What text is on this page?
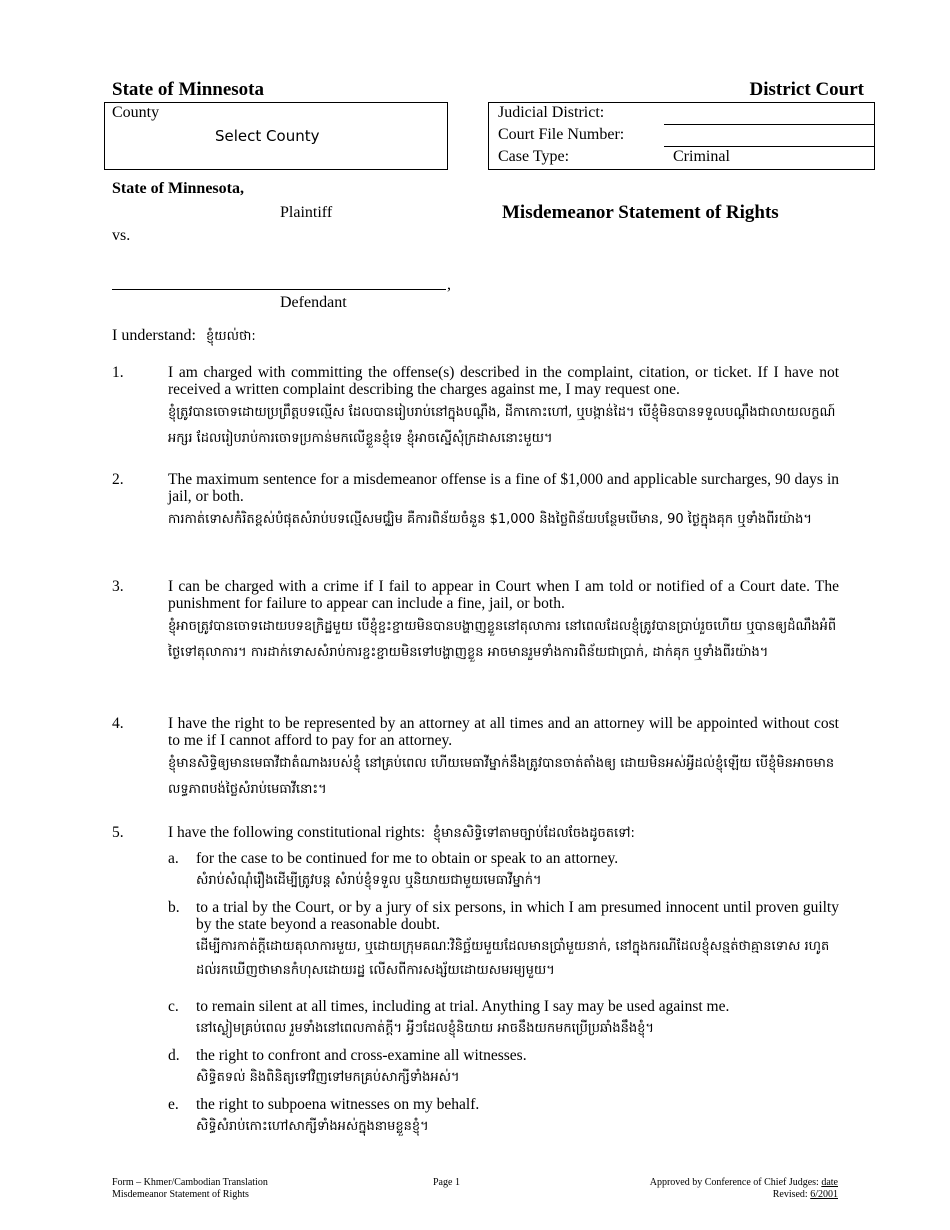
State of Minnesota	District Court
County
Select County
Judicial District:
Court File Number:
Case Type:	Criminal
State of Minnesota,
Plaintiff
vs.
,
Defendant
Misdemeanor Statement of Rights
I understand: ខ្ញុំយល់ថា:
1.	I am charged with committing the offense(s) described in the complaint, citation, or ticket. If I have not received a written complaint describing the charges against me, I may request one.
ខ្ញុំត្រូវបានចោទដោយប្រព្រឹត្តបទល្មើស ដែលបានរៀបរាប់នៅក្នុងបណ្តឹង, ដីកាកោះហៅ, ឬបង្កាន់ដៃ។ បើខ្ញុំមិនបានទទួលបណ្តឹងជាលាយលក្ខណ៍អក្សរ ដែលរៀបរាប់ការចោទប្រកាន់មកលើខ្លួនខ្ញុំទេ ខ្ញុំអាចស្នើសុំក្រដាសនោះមួយ។
2.	The maximum sentence for a misdemeanor offense is a fine of $1,000 and applicable surcharges, 90 days in jail, or both.
ការកាត់ទោសកំរិតខ្ពស់បំផុតសំរាប់បទល្មើសមជ្ឈិម គឺការពិន័យចំនួន $1,000 និងថ្លៃពិន័យបន្ថែមបើមាន, 90 ថ្ងៃក្នុងគុក ឬទាំងពីរយ៉ាង។
3.	I can be charged with a crime if I fail to appear in Court when I am told or notified of a Court date. The punishment for failure to appear can include a fine, jail, or both.
ខ្ញុំអាចត្រូវបានចោទដោយបទឧក្រិដ្ឋមួយ បើខ្ញុំខ្ជះខ្ជាយមិនបានបង្ហាញខ្លួននៅតុលាការ នៅពេលដែលខ្ញុំត្រូវបានប្រាប់រួចហើយ ឬបានឲ្យដំណឹងអំពីថ្ងៃទៅតុលាការ។ ការដាក់ទោសសំរាប់ការខ្ជះខ្ជាយមិនទៅបង្ហាញខ្លួន អាចមានរួមទាំងការពិន័យជាប្រាក់, ដាក់គុក ឬទាំងពីរយ៉ាង។
4.	I have the right to be represented by an attorney at all times and an attorney will be appointed without cost to me if I cannot afford to pay for an attorney.
ខ្ញុំមានសិទ្ធិឲ្យមានមេធាវីជាតំណាងរបស់ខ្ញុំ នៅគ្រប់ពេល ហើយមេធាវីម្នាក់នឹងត្រូវបានចាត់តាំងឲ្យ ដោយមិនអស់អ្វីដល់ខ្ញុំឡើយ បើខ្ញុំមិនអាចមានលទ្ធភាពបង់ថ្លៃសំរាប់មេធាវីនោះ។
5.	I have the following constitutional rights: ខ្ញុំមានសិទ្ធិទៅតាមច្បាប់ដែលចែងដូចតទៅ:
a. for the case to be continued for me to obtain or speak to an attorney.
សំរាប់សំណុំរឿងដើម្បីត្រូវបន្ត សំរាប់ខ្ញុំទទួល ឬនិយាយជាមួយមេធាវីម្នាក់។
b. to a trial by the Court, or by a jury of six persons, in which I am presumed innocent until proven guilty by the state beyond a reasonable doubt.
ដើម្បីការកាត់ក្តីដោយតុលាការមួយ, ឬដោយក្រុមគណៈវិនិច្ឆ័យមួយដែលមានប្រាំមួយនាក់, នៅក្នុងករណីដែលខ្ញុំសន្មត់ថាគ្មានទោស រហូតដល់រកឃើញថាមានកំហុសដោយរដ្ឋ លើសពីការសង្ស័យដោយសមរម្យមួយ។
c. to remain silent at all times, including at trial. Anything I say may be used against me.
នៅស្ងៀមគ្រប់ពេល រួមទាំងនៅពេលកាត់ក្តី។ អ្វីៗដែលខ្ញុំនិយាយ អាចនឹងយកមកប្រើប្រឆាំងនឹងខ្ញុំ។
d. the right to confront and cross-examine all witnesses.
សិទ្ធិតទល់ និងពិនិត្យទៅវិញទៅមកគ្រប់សាក្សីទាំងអស់។
e. the right to subpoena witnesses on my behalf.
សិទ្ធិសំរាប់កោះហៅសាក្សីទាំងអស់ក្នុងនាមខ្លួនខ្ញុំ។
Form – Khmer/Cambodian Translation
Misdemeanor Statement of Rights
Page 1	Approved by Conference of Chief Judges: date
Revised: 6/2001
